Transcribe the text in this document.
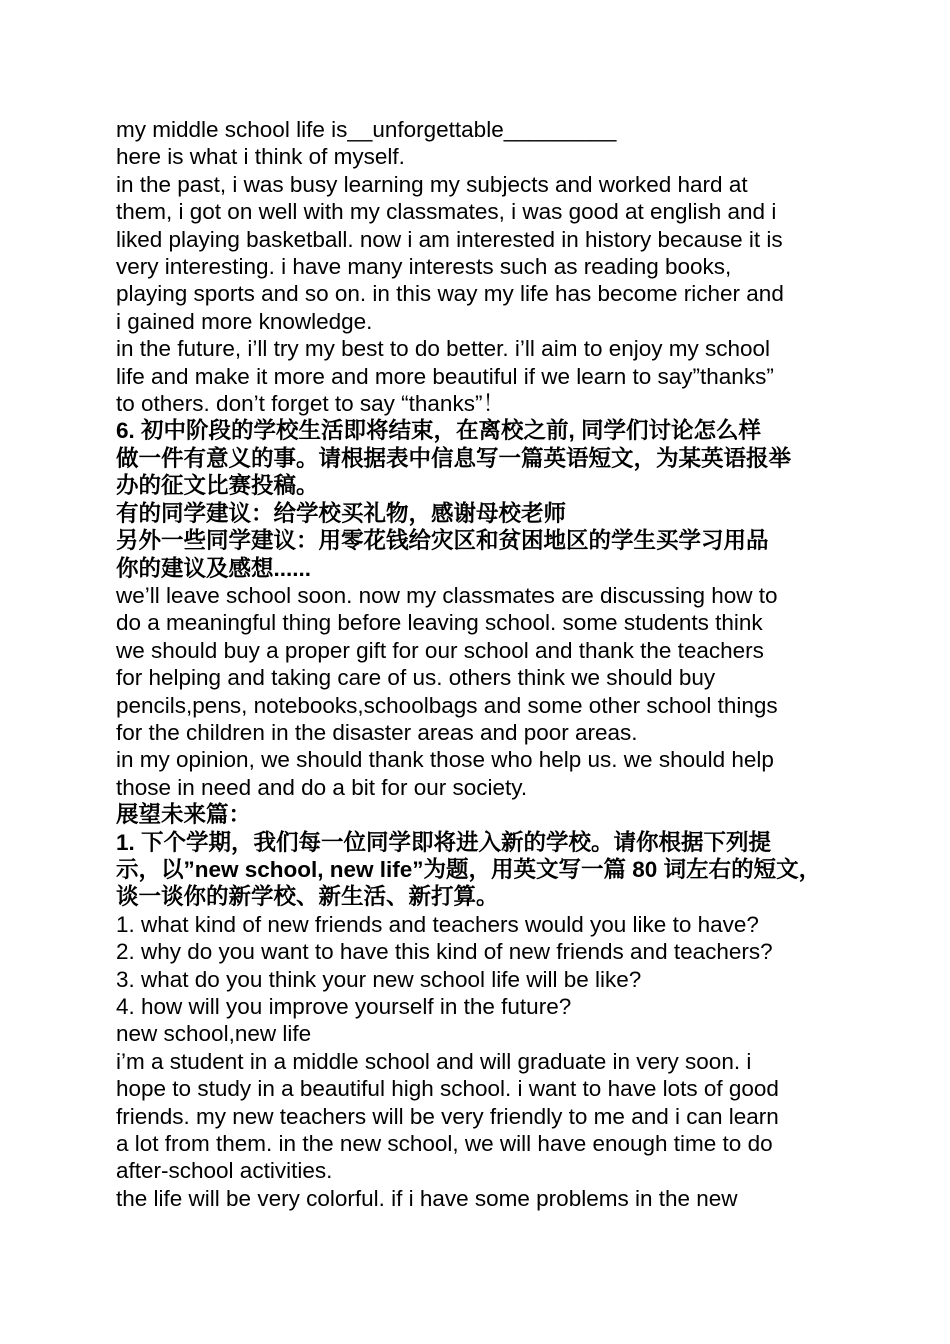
my middle school life is__unforgettable_________

here is what i think of myself.

in the past, i was busy learning my subjects and worked hard at

them, i got on well with my classmates, i was good at english and i

liked playing basketball. now i am interested in history because it is

very interesting. i have many interests such as reading books,

playing sports and so on. in this way my life has become richer and

i gained more knowledge.

in the future, i’ll try my best to do better. i’ll aim to enjoy my school

life and make it more and more beautiful if we learn to say”thanks”

to others. don’t forget to say “thanks”！

6. 初中阶段的学校生活即将结束，在离校之前, 同学们讨论怎么样

做一件有意义的事。请根据表中信息写一篇英语短文，为某英语报举

办的征文比赛投稿。

有的同学建议：给学校买礼物，感谢母校老师

另外一些同学建议：用零花钱给灾区和贫困地区的学生买学习用品

你的建议及感想......

we’ll leave school soon. now my classmates are discussing how to

do a meaningful thing before leaving school. some students think

we should buy a proper gift for our school and thank the teachers

for helping and taking care of us. others think we should buy

pencils,pens, notebooks,schoolbags and some other school things

for the children in the disaster areas and poor areas.

in my opinion, we should thank those who help us. we should help

those in need and do a bit for our society.

展望未来篇：

1. 下个学期，我们每一位同学即将进入新的学校。请你根据下列提

示，以”new school, new life”为题，用英文写一篇 80 词左右的短文，

谈一谈你的新学校、新生活、新打算。

1. what kind of new friends and teachers would you like to have?

2. why do you want to have this kind of new friends and teachers?

3. what do you think your new school life will be like?

4. how will you improve yourself in the future?

new school,new life

i’m a student in a middle school and will graduate in very soon. i

hope to study in a beautiful high school. i want to have lots of good

friends. my new teachers will be very friendly to me and i can learn

a lot from them. in the new school, we will have enough time to do

after-school activities.

the life will be very colorful. if i have some problems in the new
